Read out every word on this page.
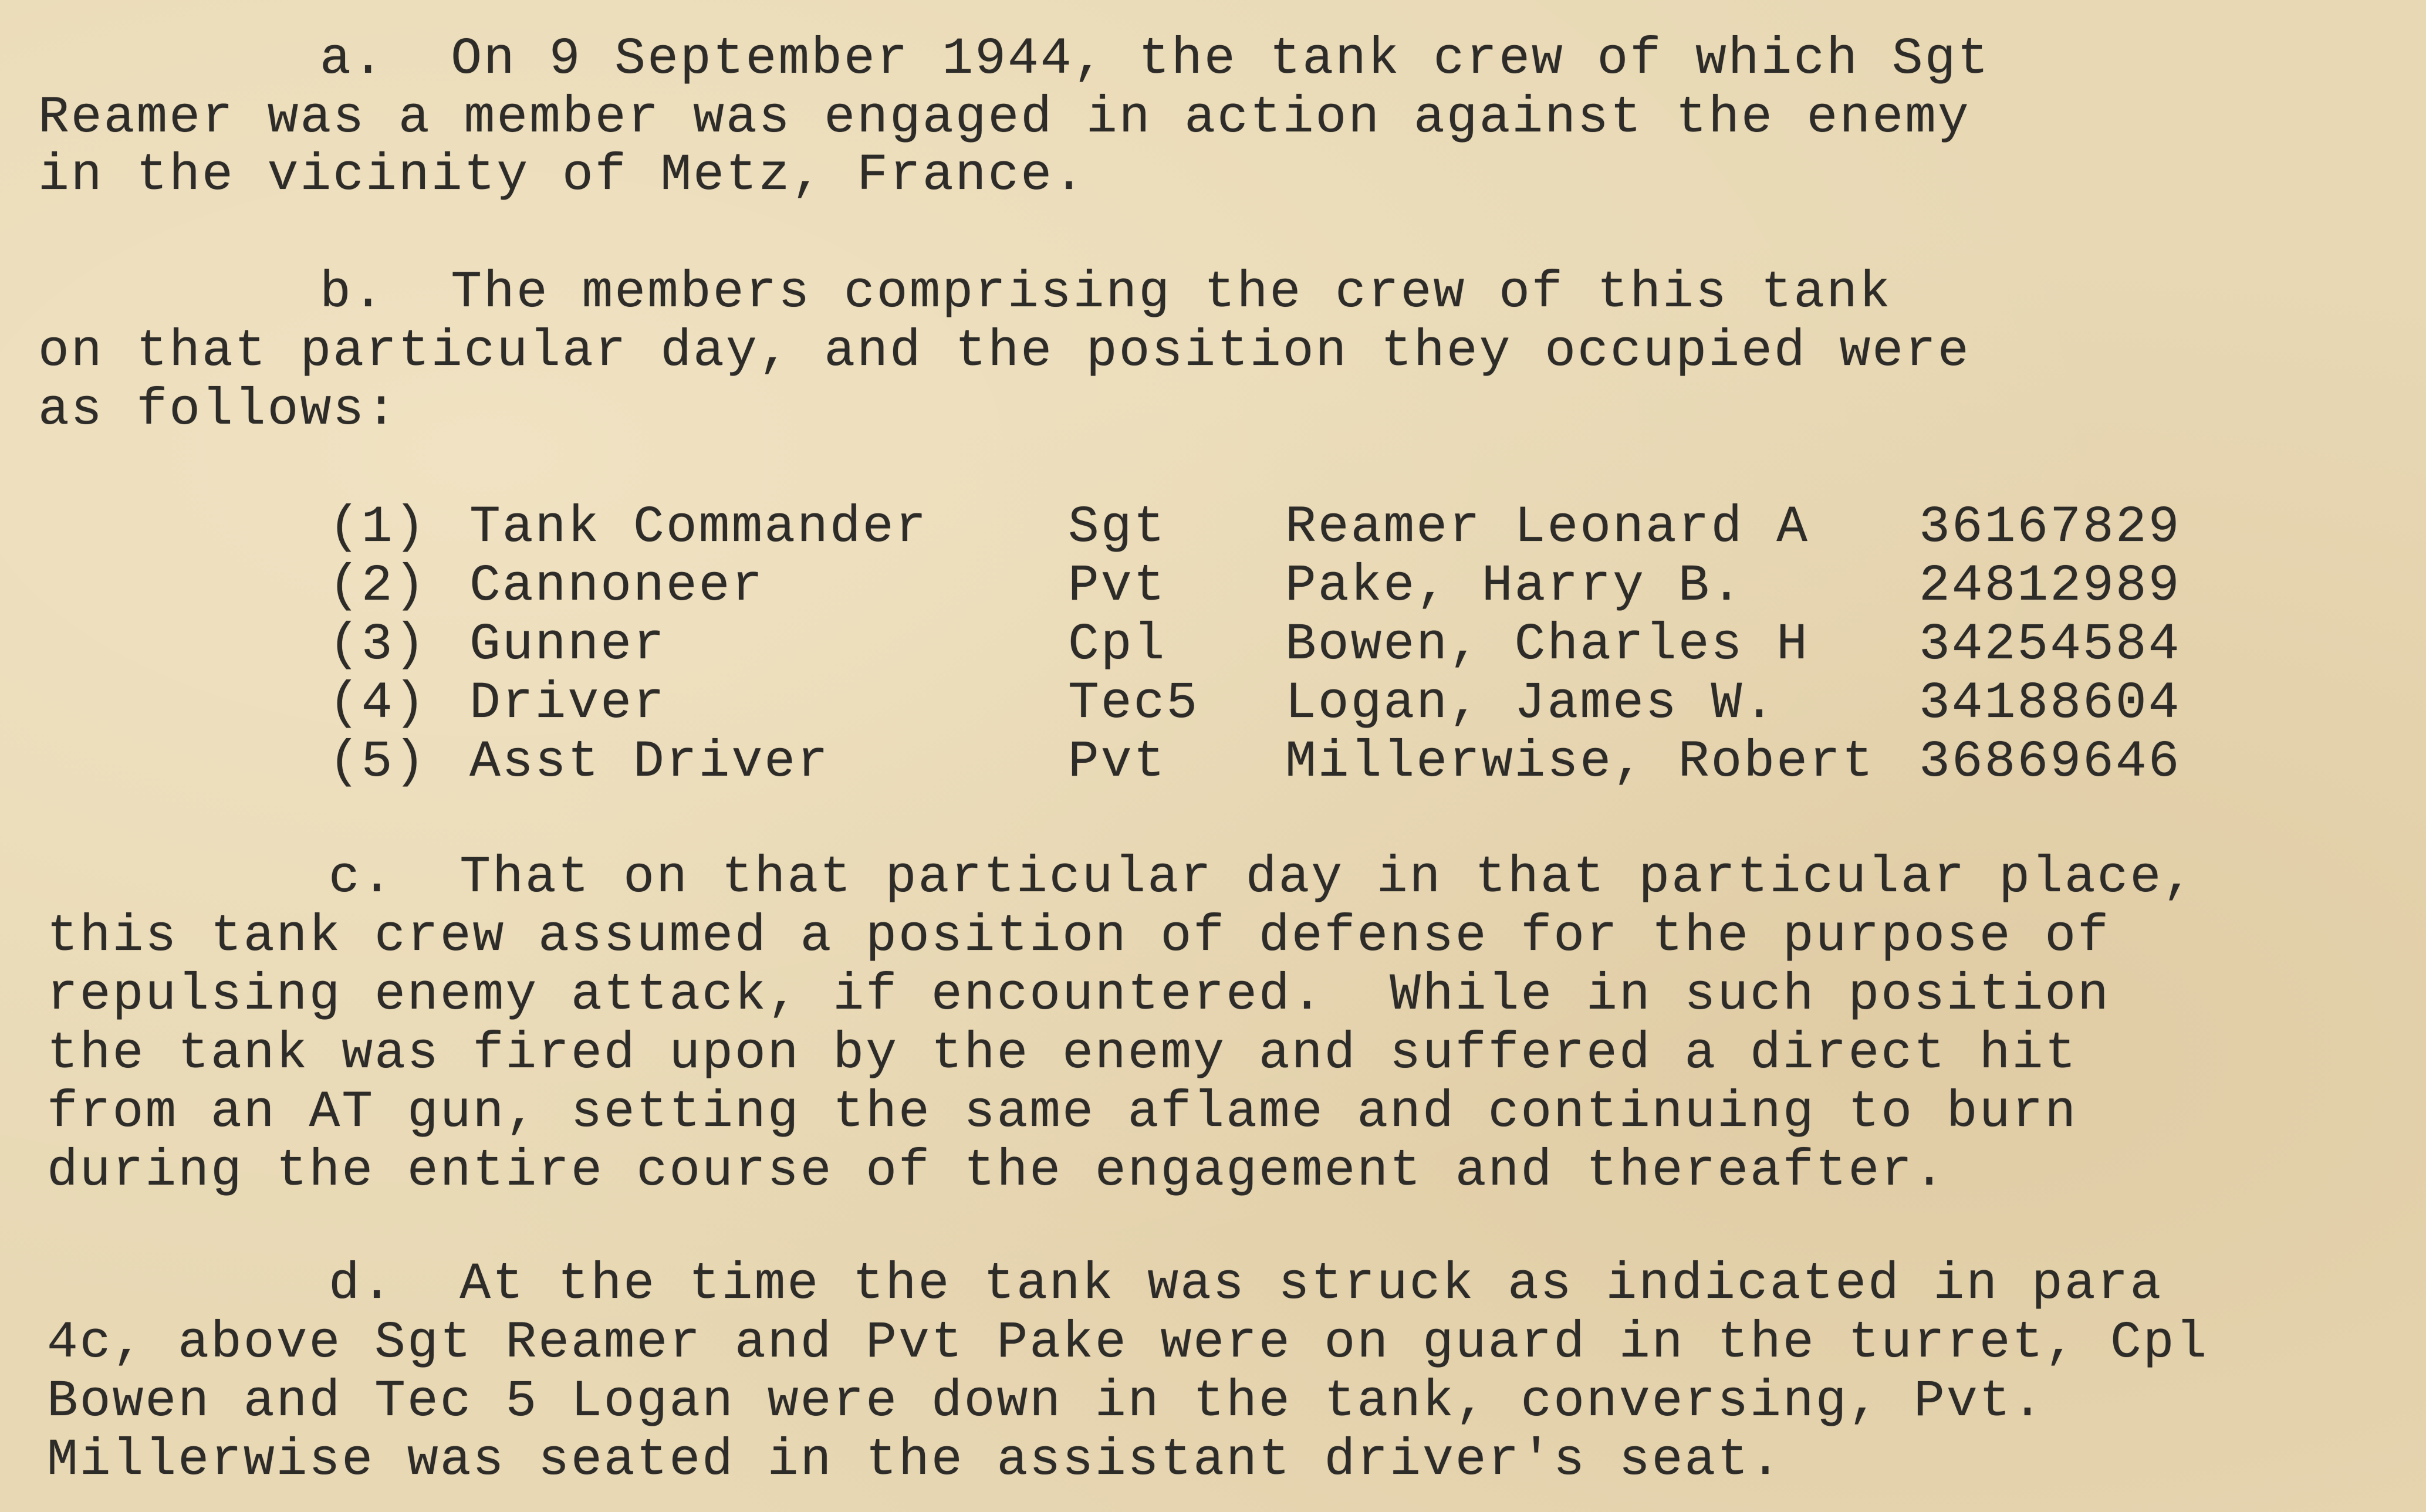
a.  On 9 September 1944, the tank crew of which Sgt
Reamer was a member was engaged in action against the enemy
in the vicinity of Metz, France.
b.  The members comprising the crew of this tank
on that particular day, and the position they occupied were
as follows:
(1) Tank Commander	Sgt Reamer Leonard A 36167829
(2) Cannoneer	Pvt Pake, Harry B.	24812989
(3) Gunner	Cpl Bowen, Charles H 34254584
(4) Driver	Tec5 Logan, James W.	34188604
(5) Asst Driver	Pvt Millerwise, Robert 36869646
c.  That on that particular day in that particular place,
this tank crew assumed a position of defense for the purpose of
repulsing enemy attack, if encountered.  While in such position
the tank was fired upon by the enemy and suffered a direct hit
from an AT gun, setting the same aflame and continuing to burn
during the entire course of the engagement and thereafter.
d.  At the time the tank was struck as indicated in para
4c, above Sgt Reamer and Pvt Pake were on guard in the turret, Cpl
Bowen and Tec 5 Logan were down in the tank, conversing, Pvt.
Millerwise was seated in the assistant driver's seat.
